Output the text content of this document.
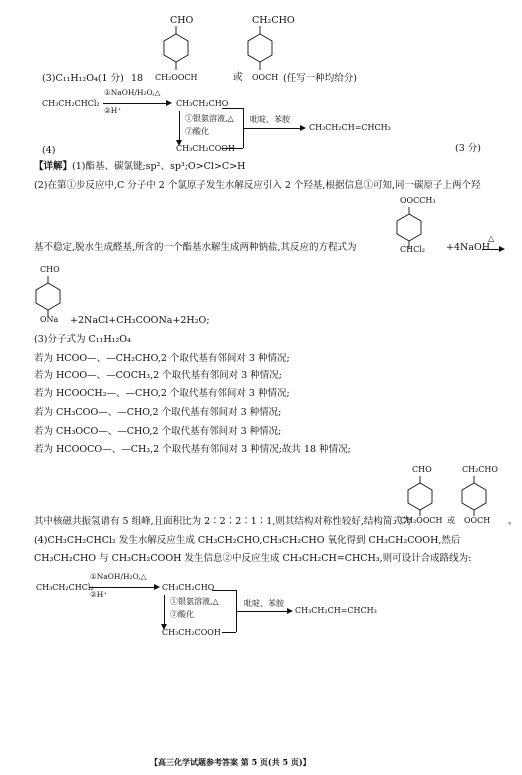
CHO
CH₂OOCH	或
CH₂CHO
OOCH
(3)C₁₁H₁₂O₄(1 分) 18	(任写一种均给分)
CH₃CH₂CHCl₂
①NaOH/H₂O,△
②H⁺
CH₃CH₂CHO
①银氨溶液,△
②酸化
CH₃CH₂COOH
吡啶、苯胺
CH₃CH₂CH=CHCH₃
(4)	(3 分)
【详解】(1)酯基、碳氯键;sp²、sp³;O>Cl>C>H
(2)在第①步反应中,C 分子中 2 个氯原子发生水解反应引入 2 个羟基,根据信息①可知,同一碳原子上两个羟
OOCCH₃
CHCl₂
基不稳定,脱水生成醛基,所含的一个酯基水解生成两种钠盐,其反应的方程式为	+4NaOH
△
CHO
ONa +2NaCl+CH₃COONa+2H₂O;
(3)分子式为 C₁₁H₁₂O₄
若为 HCOO—、—CH₂CHO,2 个取代基有邻间对 3 种情况;
若为 HCOO—、—COCH₃,2 个取代基有邻间对 3 种情况;
若为 HCOOCH₂—、—CHO,2 个取代基有邻间对 3 种情况;
若为 CH₃COO—、—CHO,2 个取代基有邻间对 3 种情况;
若为 CH₃OCO—、—CHO,2 个取代基有邻间对 3 种情况;
若为 HCOOCO—、—CH₃,2 个取代基有邻间对 3 种情况;故共 18 种情况;
CHO
CH₂OOCH 或
CH₂CHO
OOCH 。
其中核磁共振氢谱有 5 组峰,且面积比为 2∶2∶2∶1∶1,则其结构对称性较好,结构简式为
(4)CH₃CH₂CHCl₂ 发生水解反应生成 CH₃CH₂CHO,CH₃CH₂CHO 氧化得到 CH₃CH₂COOH,然后
CH₃CH₂CHO 与 CH₃CH₂COOH 发生信息②中反应生成 CH₃CH₂CH=CHCH₃,则可设计合成路线为:
CH₃CH₂CHCl₂
①NaOH/H₂O,△
②H⁺
CH₃CH₂CHO
①银氨溶液,△
②酸化
CH₃CH₂COOH
吡啶、苯胺
CH₃CH₂CH=CHCH₃
【高三化学试题参考答案 第 5 页(共 5 页)】
